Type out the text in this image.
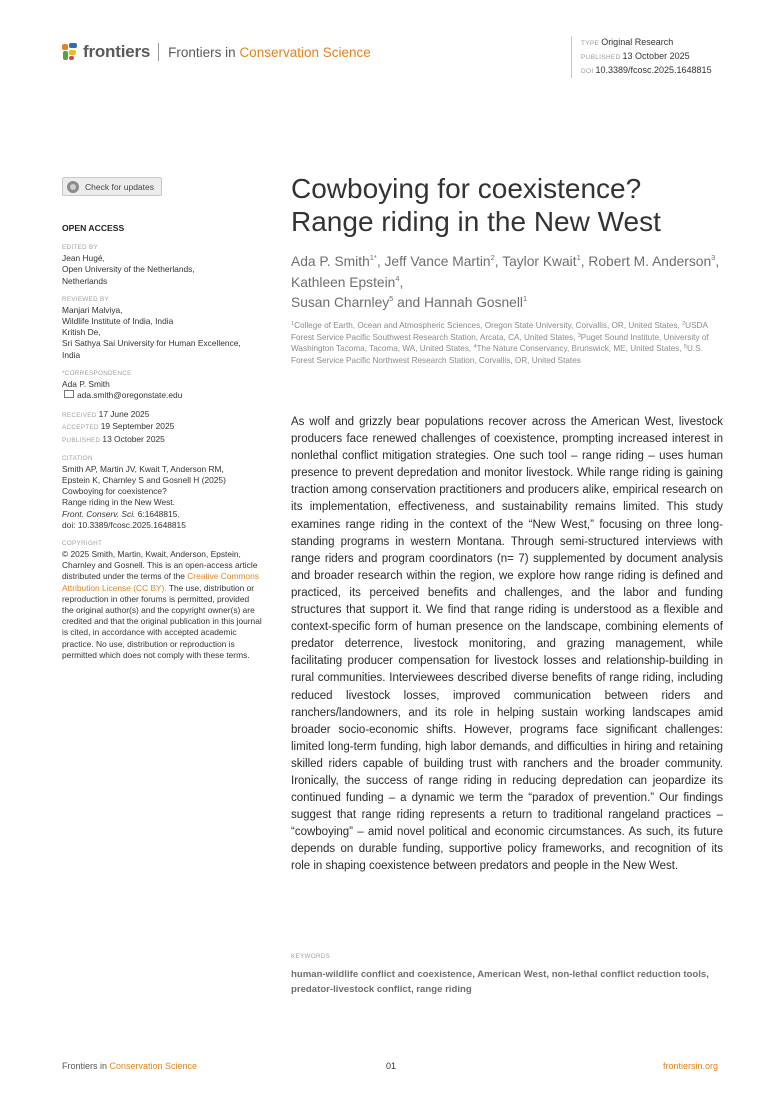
frontiers Frontiers in Conservation Science
TYPE Original Research
PUBLISHED 13 October 2025
DOI 10.3389/fcosc.2025.1648815
Check for updates
OPEN ACCESS
EDITED BY
Jean Hugé,
Open University of the Netherlands,
Netherlands
REVIEWED BY
Manjari Malviya,
Wildlife Institute of India, India
Kritish De,
Sri Sathya Sai University for Human Excellence,
India
*CORRESPONDENCE
Ada P. Smith
ada.smith@oregonstate.edu
RECEIVED 17 June 2025
ACCEPTED 19 September 2025
PUBLISHED 13 October 2025
CITATION
Smith AP, Martin JV, Kwait T, Anderson RM,
Epstein K, Charnley S and Gosnell H (2025)
Cowboying for coexistence?
Range riding in the New West.
Front. Conserv. Sci. 6:1648815.
doi: 10.3389/fcosc.2025.1648815
COPYRIGHT
© 2025 Smith, Martin, Kwait, Anderson, Epstein, Charnley and Gosnell. This is an open-access article distributed under the terms of the Creative Commons Attribution License (CC BY). The use, distribution or reproduction in other forums is permitted, provided the original author(s) and the copyright owner(s) are credited and that the original publication in this journal is cited, in accordance with accepted academic practice. No use, distribution or reproduction is permitted which does not comply with these terms.
Cowboying for coexistence?
Range riding in the New West
Ada P. Smith$^{1*}$, Jeff Vance Martin$^2$, Taylor Kwait$^1$, Robert M. Anderson$^3$, Kathleen Epstein$^4$,
Susan Charnley$^5$ and Hannah Gosnell$^1$
$^1$College of Earth, Ocean and Atmospheric Sciences, Oregon State University, Corvallis, OR, United States, $^2$USDA Forest Service Pacific Southwest Research Station, Arcata, CA, United States, $^3$Puget Sound Institute, University of Washington Tacoma, Tacoma, WA, United States, $^4$The Nature Conservancy, Brunswick, ME, United States, $^5$U.S. Forest Service Pacific Northwest Research Station, Corvallis, OR, United States

As wolf and grizzly bear populations recover across the American West, livestock producers face renewed challenges of coexistence, prompting increased interest in nonlethal conflict mitigation strategies. One such tool – range riding – uses human presence to prevent depredation and monitor livestock. While range riding is gaining traction among conservation practitioners and producers alike, empirical research on its implementation, effectiveness, and sustainability remains limited. This study examines range riding in the context of the “New West,” focusing on three long-standing programs in western Montana. Through semi-structured interviews with range riders and program coordinators (n= 7) supplemented by document analysis and broader research within the region, we explore how range riding is defined and practiced, its perceived benefits and challenges, and the labor and funding structures that support it. We find that range riding is understood as a flexible and context-specific form of human presence on the landscape, combining elements of predator deterrence, livestock monitoring, and grazing management, while facilitating producer compensation for livestock losses and relationship-building in rural communities. Interviewees described diverse benefits of range riding, including reduced livestock losses, improved communication between riders and ranchers/landowners, and its role in helping sustain working landscapes amid broader socio-economic shifts. However, programs face significant challenges: limited long-term funding, high labor demands, and difficulties in hiring and retaining skilled riders capable of building trust with ranchers and the broader community. Ironically, the success of range riding in reducing depredation can jeopardize its continued funding – a dynamic we term the “paradox of prevention.” Our findings suggest that range riding represents a return to traditional rangeland practices – “cowboying” – amid novel political and economic circumstances. As such, its future depends on durable funding, supportive policy frameworks, and recognition of its role in shaping coexistence between predators and people in the New West.

KEYWORDS
human-wildlife conflict and coexistence, American West, non-lethal conflict reduction tools, predator-livestock conflict, range riding
Frontiers in Conservation Science	01	frontiersin.org
